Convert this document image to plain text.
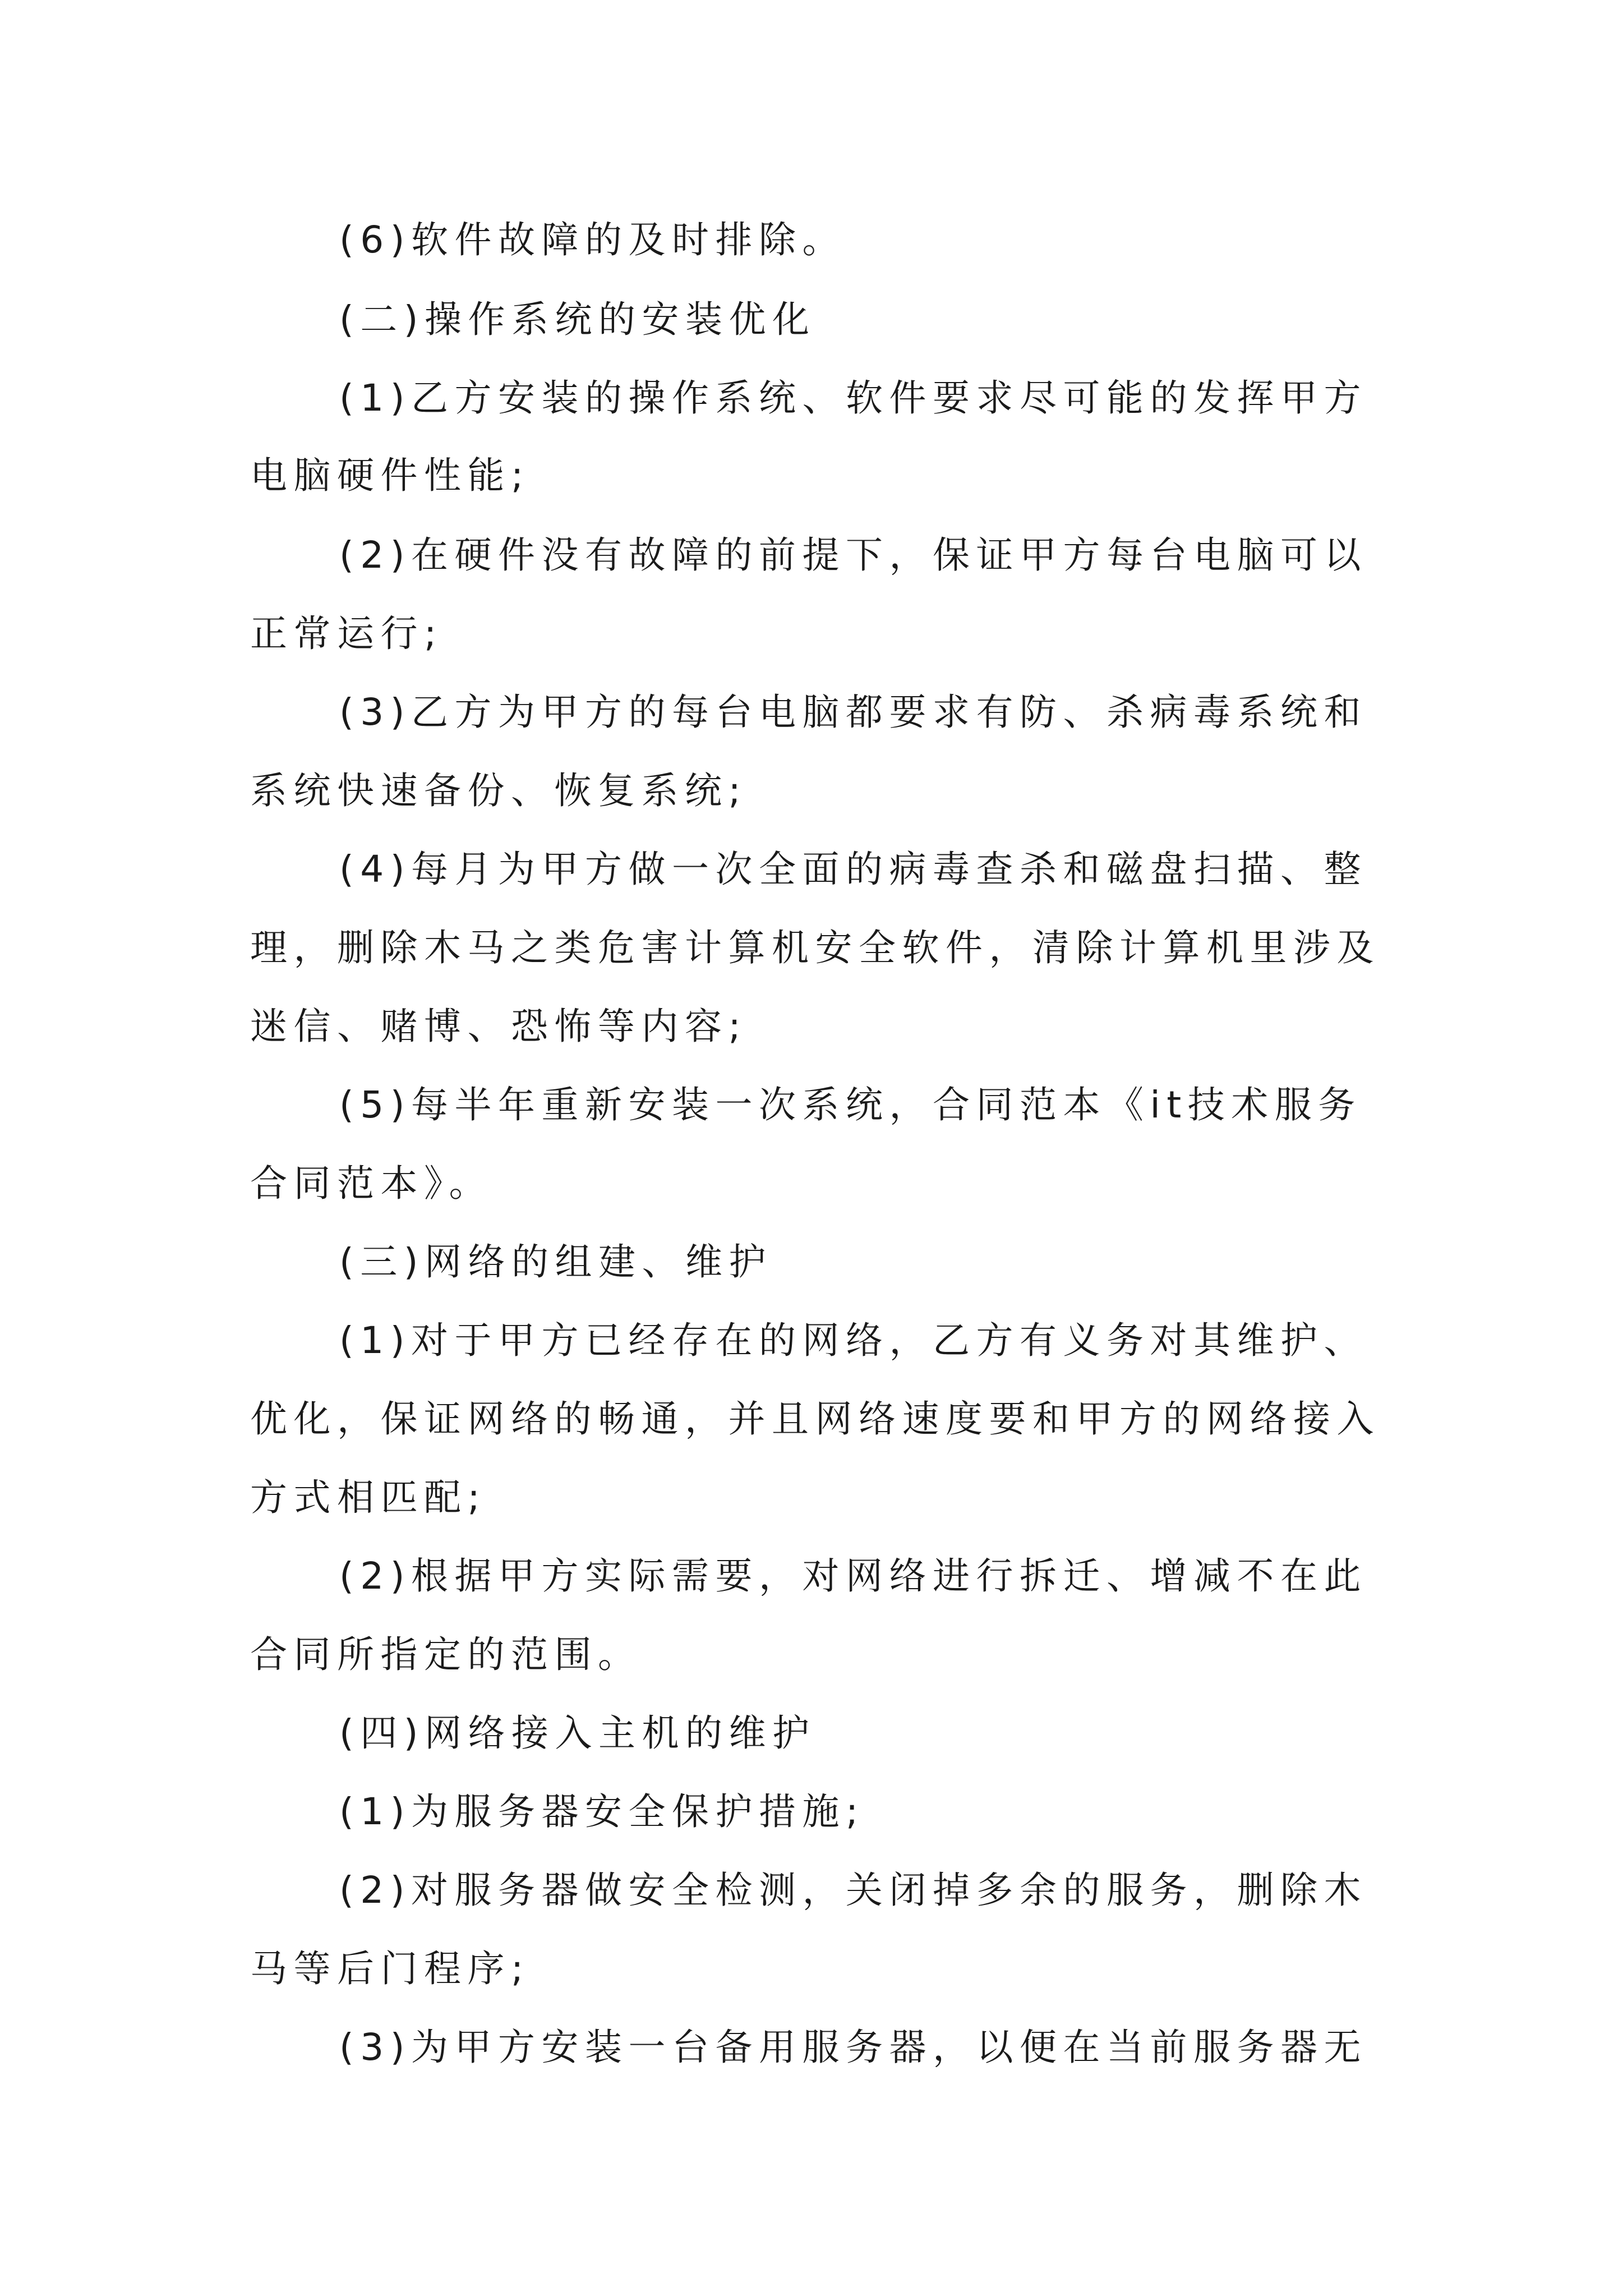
(6)软件故障的及时排除。

(二)操作系统的安装优化

(1)乙方安装的操作系统、软件要求尽可能的发挥甲方

电脑硬件性能;

(2)在硬件没有故障的前提下，保证甲方每台电脑可以

正常运行;

(3)乙方为甲方的每台电脑都要求有防、杀病毒系统和

系统快速备份、恢复系统;

(4)每月为甲方做一次全面的病毒查杀和磁盘扫描、整

理，删除木马之类危害计算机安全软件，清除计算机里涉及

迷信、赌博、恐怖等内容;

(5)每半年重新安装一次系统，合同范本《it技术服务

合同范本》。

(三)网络的组建、维护

(1)对于甲方已经存在的网络，乙方有义务对其维护、

优化，保证网络的畅通，并且网络速度要和甲方的网络接入

方式相匹配;

(2)根据甲方实际需要，对网络进行拆迁、增减不在此

合同所指定的范围。

(四)网络接入主机的维护

(1)为服务器安全保护措施;

(2)对服务器做安全检测，关闭掉多余的服务，删除木

马等后门程序;

(3)为甲方安装一台备用服务器，以便在当前服务器无
